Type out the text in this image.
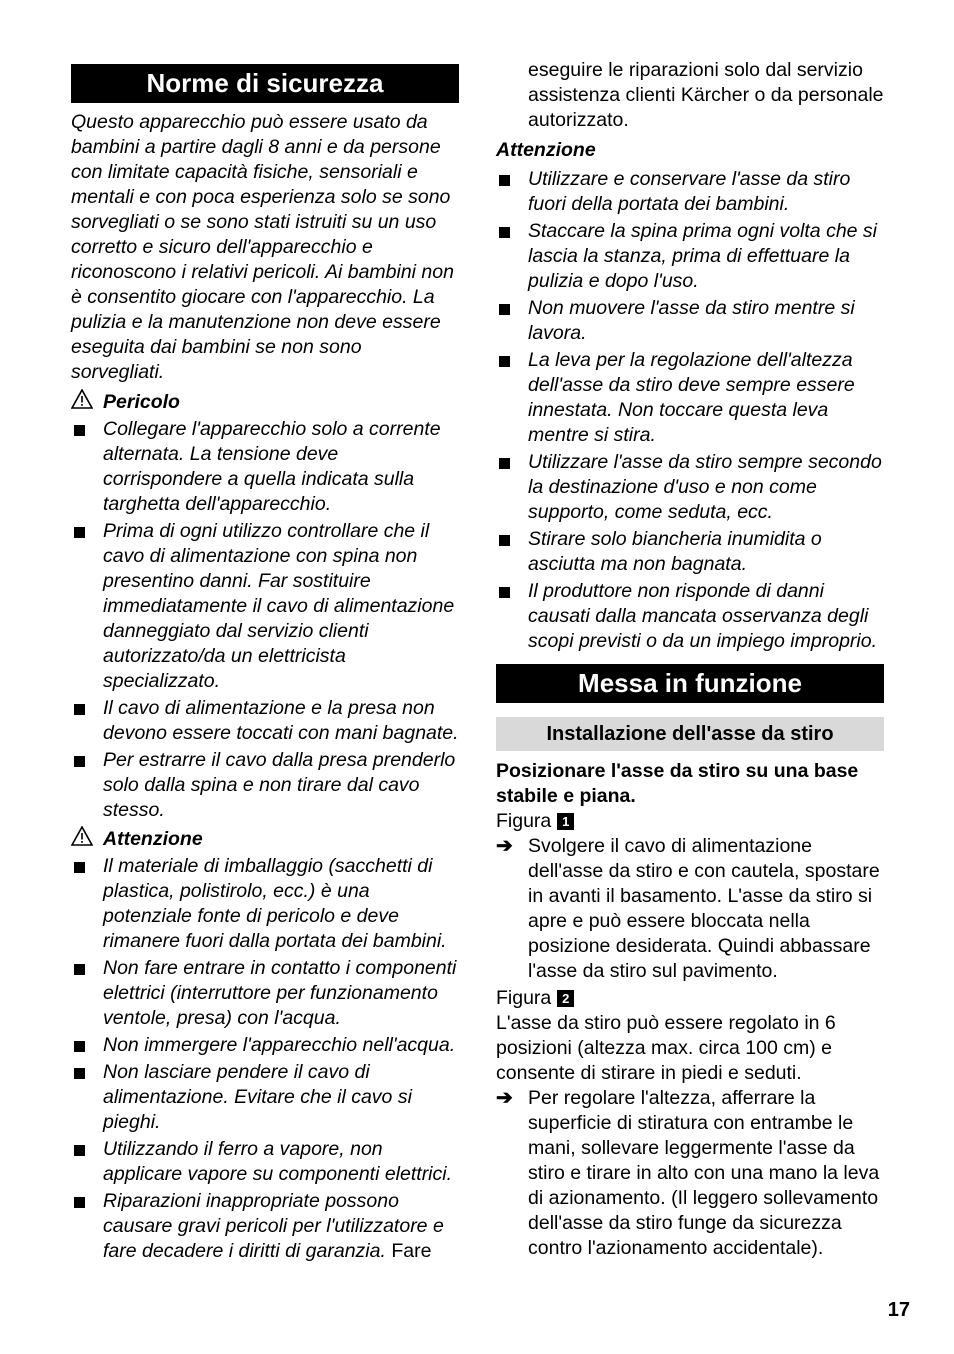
Norme di sicurezza

Questo apparecchio può essere usato da bambini a partire dagli 8 anni e da persone con limitate capacità fisiche, sensoriali e mentali e con poca esperienza solo se sono sorvegliati o se sono stati istruiti su un uso corretto e sicuro dell'apparecchio e riconoscono i relativi pericoli. Ai bambini non è consentito giocare con l'apparecchio. La pulizia e la manutenzione non deve essere eseguita dai bambini se non sono sorvegliati.

Pericolo
Collegare l'apparecchio solo a corrente alternata. La tensione deve corrispondere a quella indicata sulla targhetta dell'apparecchio.
Prima di ogni utilizzo controllare che il cavo di alimentazione con spina non presentino danni. Far sostituire immediatamente il cavo di alimentazione danneggiato dal servizio clienti autorizzato/da un elettricista specializzato.
Il cavo di alimentazione e la presa non devono essere toccati con mani bagnate.
Per estrarre il cavo dalla presa prenderlo solo dalla spina e non tirare dal cavo stesso.
Attenzione
Il materiale di imballaggio (sacchetti di plastica, polistirolo, ecc.) è una potenziale fonte di pericolo e deve rimanere fuori dalla portata dei bambini.
Non fare entrare in contatto i componenti elettrici (interruttore per funzionamento ventole, presa) con l'acqua.
Non immergere l'apparecchio nell'acqua.
Non lasciare pendere il cavo di alimentazione. Evitare che il cavo si pieghi.
Utilizzando il ferro a vapore, non applicare vapore su componenti elettrici.
Riparazioni inappropriate possono causare gravi pericoli per l'utilizzatore e fare decadere i diritti di garanzia. Fare

eseguire le riparazioni solo dal servizio assistenza clienti Kärcher o da personale autorizzato.

Attenzione

Utilizzare e conservare l'asse da stiro fuori della portata dei bambini.
Staccare la spina prima ogni volta che si lascia la stanza, prima di effettuare la pulizia e dopo l'uso.
Non muovere l'asse da stiro mentre si lavora.
La leva per la regolazione dell'altezza dell'asse da stiro deve sempre essere innestata. Non toccare questa leva mentre si stira.
Utilizzare l'asse da stiro sempre secondo la destinazione d'uso e non come supporto, come seduta, ecc.
Stirare solo biancheria inumidita o asciutta ma non bagnata.
Il produttore non risponde di danni causati dalla mancata osservanza degli scopi previsti o da un impiego improprio.
Messa in funzione
Installazione dell'asse da stiro

Posizionare l'asse da stiro su una base stabile e piana.

Figura 1
➔ Svolgere il cavo di alimentazione dell'asse da stiro e con cautela, spostare in avanti il basamento. L'asse da stiro si apre e può essere bloccata nella posizione desiderata. Quindi abbassare l'asse da stiro sul pavimento.
Figura 2

L'asse da stiro può essere regolato in 6 posizioni (altezza max. circa 100 cm) e consente di stirare in piedi e seduti.

➔ Per regolare l'altezza, afferrare la superficie di stiratura con entrambe le mani, sollevare leggermente l'asse da stiro e tirare in alto con una mano la leva di azionamento. (Il leggero sollevamento dell'asse da stiro funge da sicurezza contro l'azionamento accidentale).
17
